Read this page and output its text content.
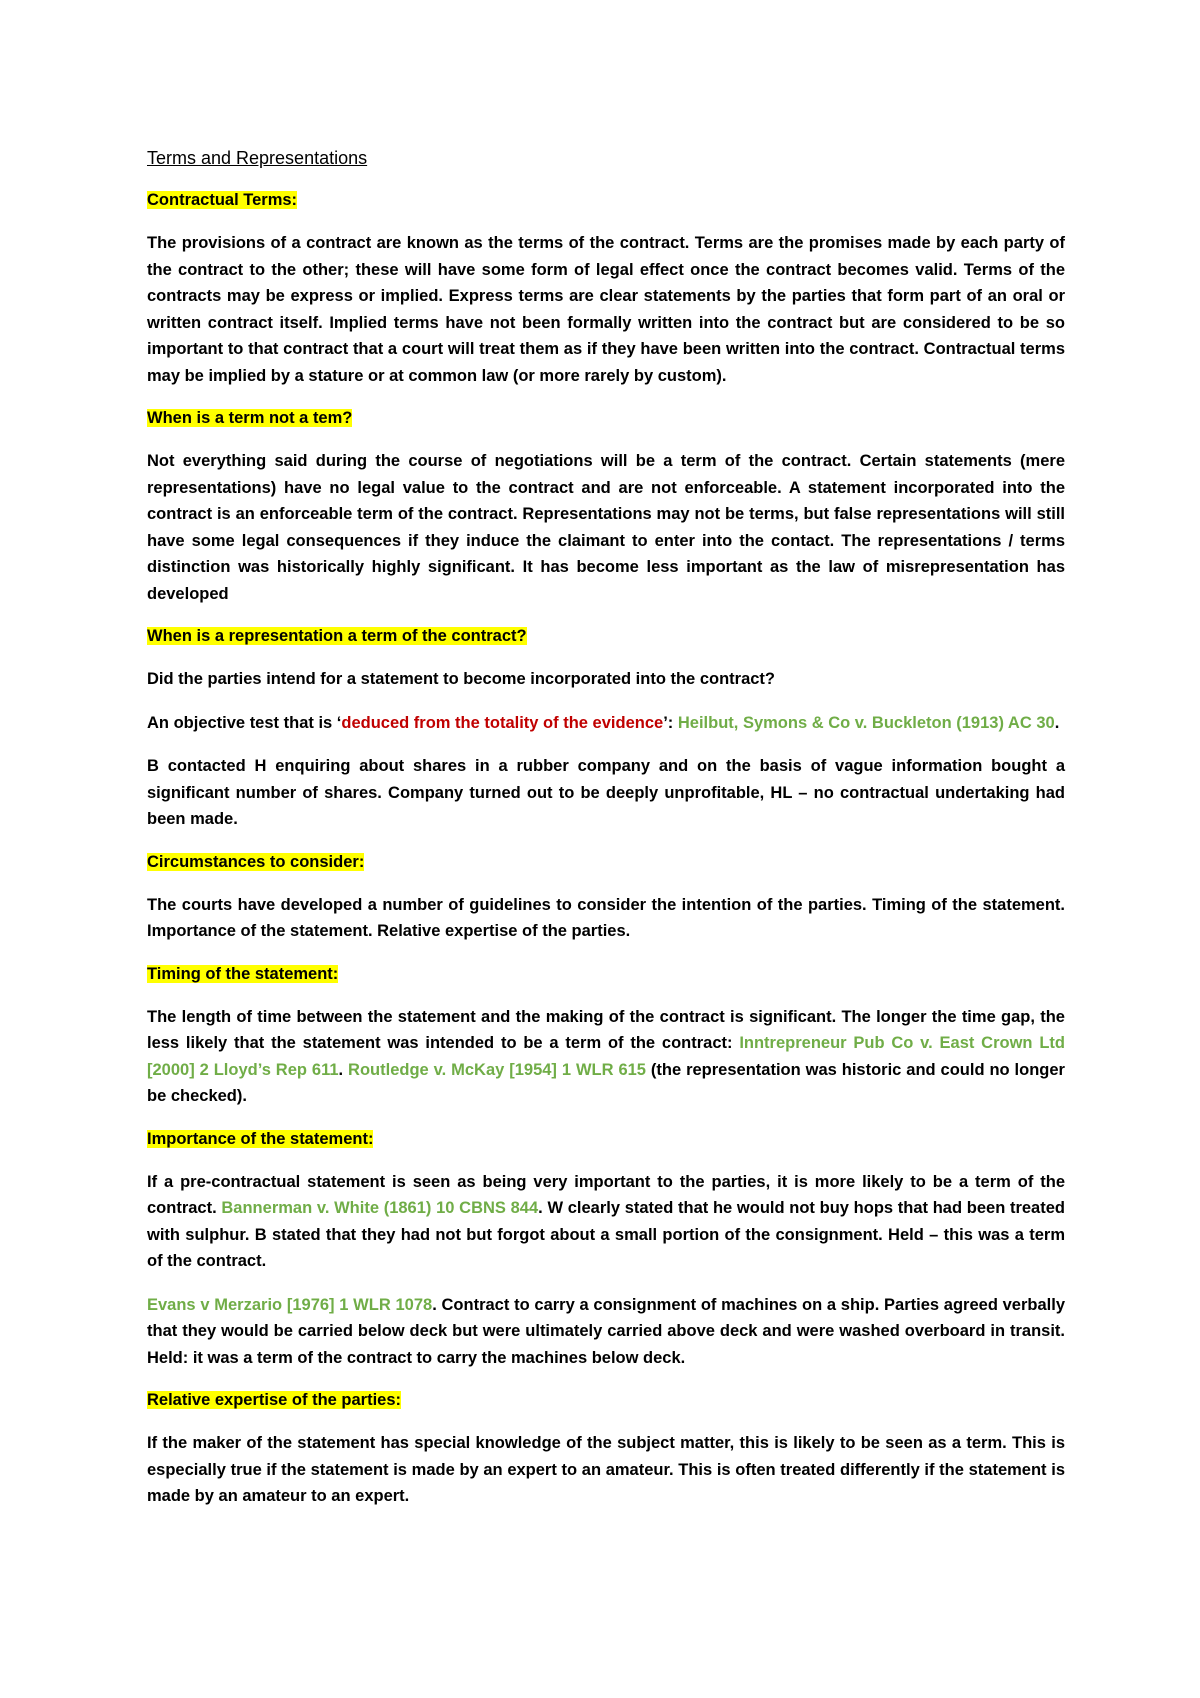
Terms and Representations
Contractual Terms:

The provisions of a contract are known as the terms of the contract. Terms are the promises made by each party of the contract to the other; these will have some form of legal effect once the contract becomes valid. Terms of the contracts may be express or implied. Express terms are clear statements by the parties that form part of an oral or written contract itself. Implied terms have not been formally written into the contract but are considered to be so important to that contract that a court will treat them as if they have been written into the contract. Contractual terms may be implied by a stature or at common law (or more rarely by custom).

When is a term not a tem?

Not everything said during the course of negotiations will be a term of the contract. Certain statements (mere representations) have no legal value to the contract and are not enforceable. A statement incorporated into the contract is an enforceable term of the contract. Representations may not be terms, but false representations will still have some legal consequences if they induce the claimant to enter into the contact. The representations / terms distinction was historically highly significant. It has become less important as the law of misrepresentation has developed

When is a representation a term of the contract?

Did the parties intend for a statement to become incorporated into the contract?

An objective test that is ‘deduced from the totality of the evidence’: Heilbut, Symons & Co v. Buckleton (1913) AC 30.

B contacted H enquiring about shares in a rubber company and on the basis of vague information bought a significant number of shares. Company turned out to be deeply unprofitable, HL – no contractual undertaking had been made.

Circumstances to consider:

The courts have developed a number of guidelines to consider the intention of the parties. Timing of the statement. Importance of the statement. Relative expertise of the parties.

Timing of the statement:

The length of time between the statement and the making of the contract is significant. The longer the time gap, the less likely that the statement was intended to be a term of the contract: Inntrepreneur Pub Co v. East Crown Ltd [2000] 2 Lloyd’s Rep 611. Routledge v. McKay [1954] 1 WLR 615 (the representation was historic and could no longer be checked).

Importance of the statement:

If a pre-contractual statement is seen as being very important to the parties, it is more likely to be a term of the contract. Bannerman v. White (1861) 10 CBNS 844. W clearly stated that he would not buy hops that had been treated with sulphur. B stated that they had not but forgot about a small portion of the consignment. Held – this was a term of the contract.

Evans v Merzario [1976] 1 WLR 1078. Contract to carry a consignment of machines on a ship. Parties agreed verbally that they would be carried below deck but were ultimately carried above deck and were washed overboard in transit. Held: it was a term of the contract to carry the machines below deck.

Relative expertise of the parties:

If the maker of the statement has special knowledge of the subject matter, this is likely to be seen as a term. This is especially true if the statement is made by an expert to an amateur. This is often treated differently if the statement is made by an amateur to an expert.
